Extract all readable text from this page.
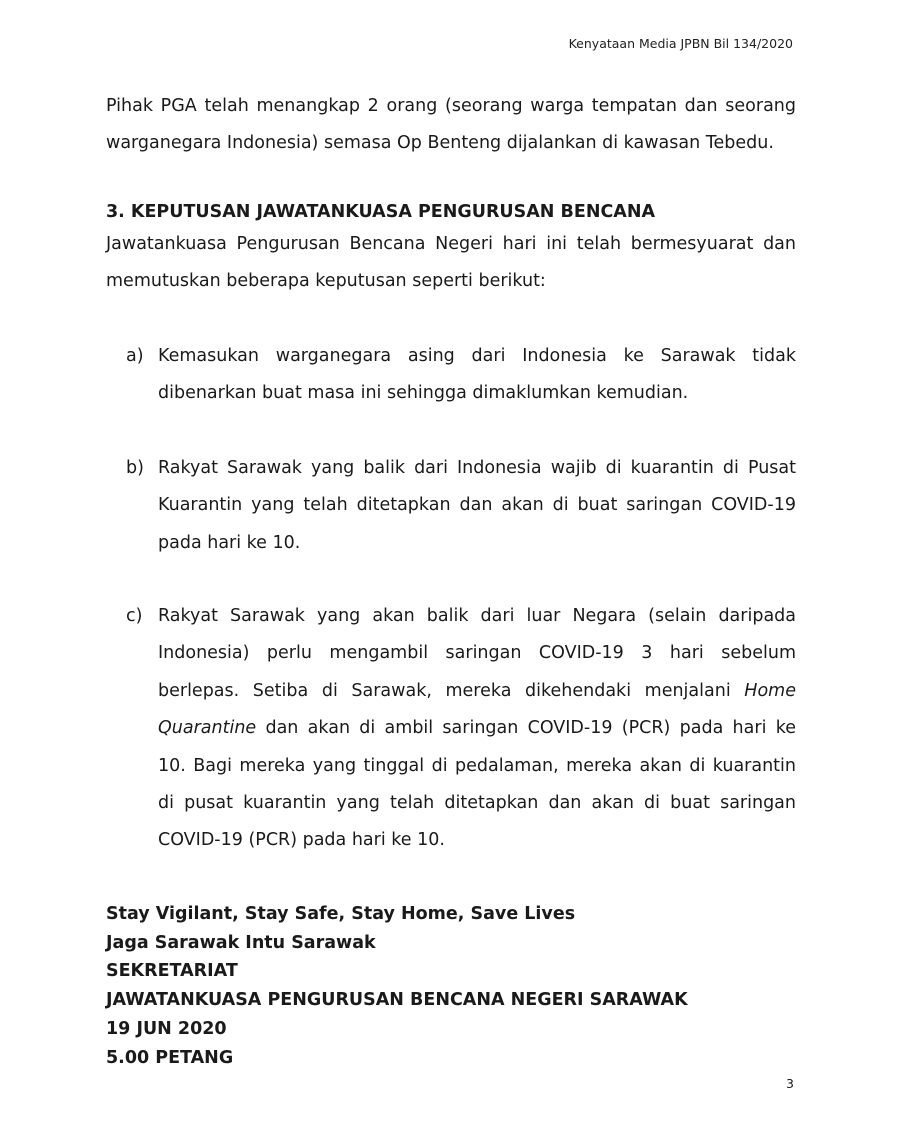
Kenyataan Media JPBN Bil 134/2020
Pihak PGA telah menangkap 2 orang (seorang warga tempatan dan seorang
warganegara Indonesia) semasa Op Benteng dijalankan di kawasan Tebedu.
3. KEPUTUSAN JAWATANKUASA PENGURUSAN BENCANA
Jawatankuasa Pengurusan Bencana Negeri hari ini telah bermesyuarat dan
memutuskan beberapa keputusan seperti berikut:
a) Kemasukan warganegara asing dari Indonesia ke Sarawak tidak
dibenarkan buat masa ini sehingga dimaklumkan kemudian.
b) Rakyat Sarawak yang balik dari Indonesia wajib di kuarantin di Pusat
Kuarantin yang telah ditetapkan dan akan di buat saringan COVID-19
pada hari ke 10.
c) Rakyat Sarawak yang akan balik dari luar Negara (selain daripada
Indonesia) perlu mengambil saringan COVID-19 3 hari sebelum
berlepas. Setiba di Sarawak, mereka dikehendaki menjalani Home
Quarantine dan akan di ambil saringan COVID-19 (PCR) pada hari ke
10. Bagi mereka yang tinggal di pedalaman, mereka akan di kuarantin
di pusat kuarantin yang telah ditetapkan dan akan di buat saringan
COVID-19 (PCR) pada hari ke 10.
Stay Vigilant, Stay Safe, Stay Home, Save Lives
Jaga Sarawak Intu Sarawak
SEKRETARIAT
JAWATANKUASA PENGURUSAN BENCANA NEGERI SARAWAK
19 JUN 2020
5.00 PETANG
3
